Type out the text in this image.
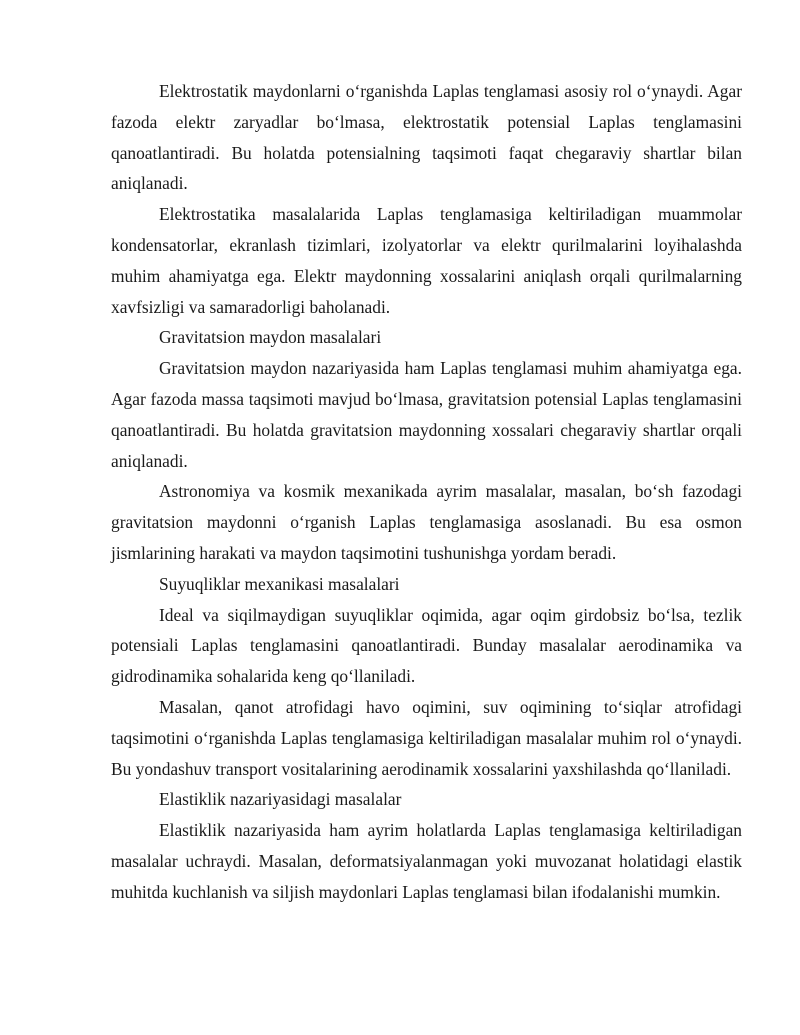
Elektrostatik maydonlarni o‘rganishda Laplas tenglamasi asosiy rol o‘ynaydi. Agar fazoda elektr zaryadlar bo‘lmasa, elektrostatik potensial Laplas tenglamasini qanoatlantiradi. Bu holatda potensialning taqsimoti faqat chegaraviy shartlar bilan aniqlanadi.

Elektrostatika masalalarida Laplas tenglamasiga keltiriladigan muammolar kondensatorlar, ekranlash tizimlari, izolyatorlar va elektr qurilmalarini loyihalashda muhim ahamiyatga ega. Elektr maydonning xossalarini aniqlash orqali qurilmalarning xavfsizligi va samaradorligi baholanadi.

Gravitatsion maydon masalalari

Gravitatsion maydon nazariyasida ham Laplas tenglamasi muhim ahamiyatga ega. Agar fazoda massa taqsimoti mavjud bo‘lmasa, gravitatsion potensial Laplas tenglamasini qanoatlantiradi. Bu holatda gravitatsion maydonning xossalari chegaraviy shartlar orqali aniqlanadi.

Astronomiya va kosmik mexanikada ayrim masalalar, masalan, bo‘sh fazodagi gravitatsion maydonni o‘rganish Laplas tenglamasiga asoslanadi. Bu esa osmon jismlarining harakati va maydon taqsimotini tushunishga yordam beradi.

Suyuqliklar mexanikasi masalalari

Ideal va siqilmaydigan suyuqliklar oqimida, agar oqim girdobsiz bo‘lsa, tezlik potensiali Laplas tenglamasini qanoatlantiradi. Bunday masalalar aerodinamika va gidrodinamika sohalarida keng qo‘llaniladi.

Masalan, qanot atrofidagi havo oqimini, suv oqimining to‘siqlar atrofidagi taqsimotini o‘rganishda Laplas tenglamasiga keltiriladigan masalalar muhim rol o‘ynaydi. Bu yondashuv transport vositalarining aerodinamik xossalarini yaxshilashda qo‘llaniladi.

Elastiklik nazariyasidagi masalalar

Elastiklik nazariyasida ham ayrim holatlarda Laplas tenglamasiga keltiriladigan masalalar uchraydi. Masalan, deformatsiyalanmagan yoki muvozanat holatidagi elastik muhitda kuchlanish va siljish maydonlari Laplas tenglamasi bilan ifodalanishi mumkin.
